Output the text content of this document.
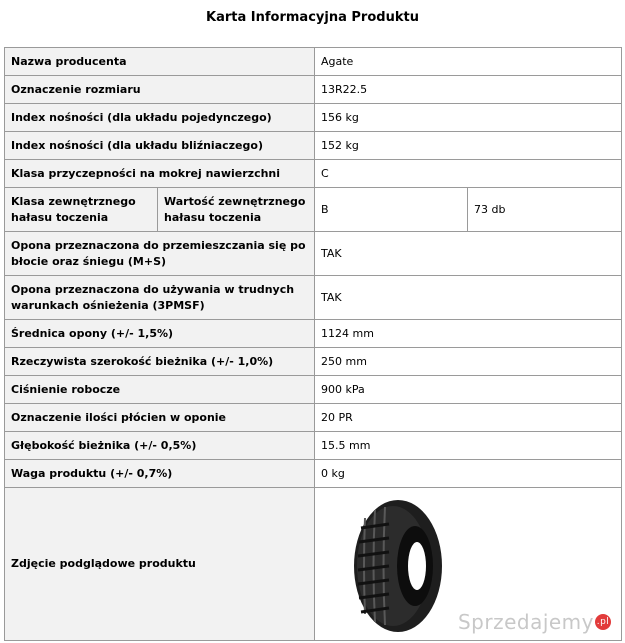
Karta Informacyjna Produktu
Nazwa producenta		Agate	
Oznaczenie rozmiaru		13R22.5	
Index nośności (dla układu pojedynczego)		156 kg	
Index nośności (dla układu bliźniaczego)		152 kg	
Klasa przyczepności na mokrej nawierzchni		C	
Klasa zewnętrznego hałasu toczenia	Wartość zewnętrznego hałasu toczenia	B	73 db
Opona przeznaczona do przemieszczania się po błocie oraz śniegu (M+S)		TAK	
Opona przeznaczona do używania w trudnych warunkach ośnieżenia (3PMSF)		TAK	
Średnica opony (+/- 1,5%)		1124 mm	
Rzeczywista szerokość bieżnika (+/- 1,0%)		250 mm	
Ciśnienie robocze		900 kPa	
Oznaczenie ilości płócien w oponie		20 PR	
Głębokość bieżnika (+/- 0,5%)		15.5 mm	
Waga produktu (+/- 0,7%)		0 kg	
Zdjęcie podglądowe produktu		Sprzedajemy .pl	
